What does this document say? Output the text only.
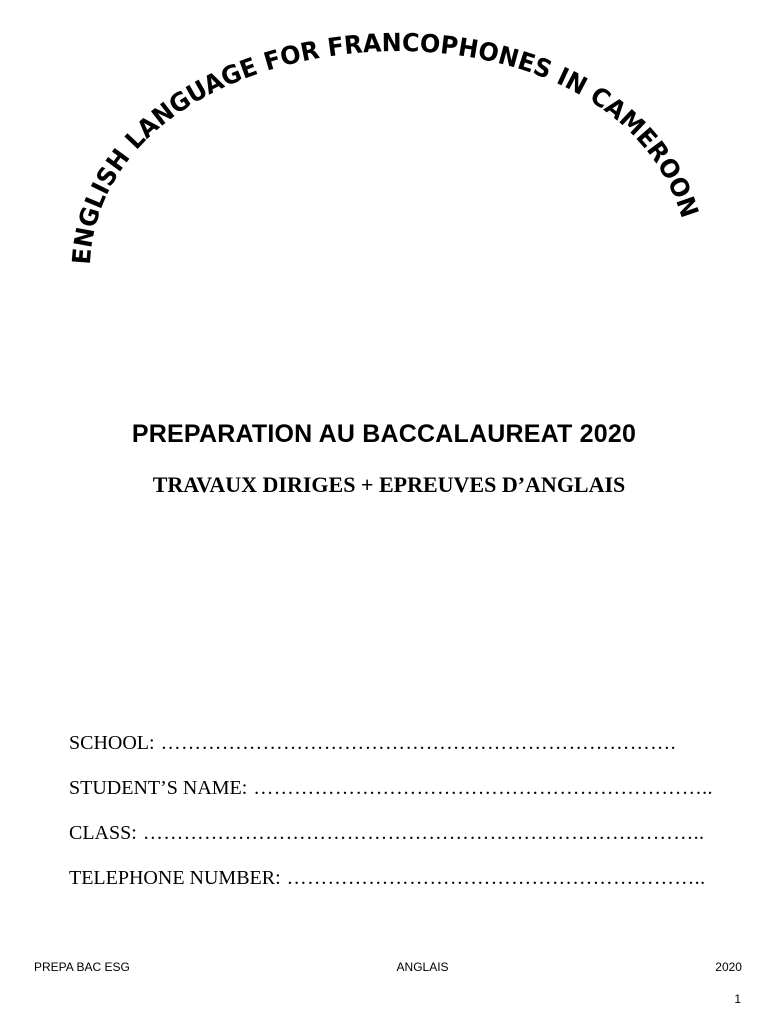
ENGLISH LANGUAGE FOR FRANCOPHONES IN CAMEROON
PREPARATION AU BACCALAUREAT 2020
TRAVAUX DIRIGES + EPREUVES D’ANGLAIS
SCHOOL: ………………………………………………………………….
STUDENT’S NAME: …………………………………………………………..
CLASS: ………………………………………………………………………..
TELEPHONE NUMBER: ……………………………………………………..
PREPA BAC ESG	ANGLAIS	2020
1
